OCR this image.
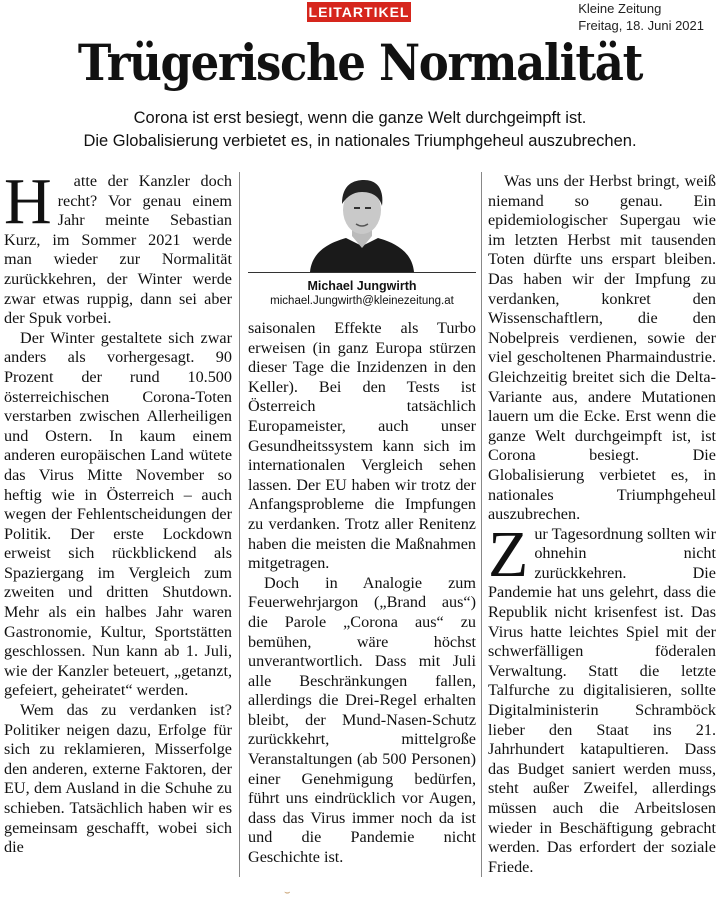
LEITARTIKEL	Kleine Zeitung
Freitag, 18. Juni 2021
Trügerische Normalität
Corona ist erst besiegt, wenn die ganze Welt durchgeimpft ist.
Die Globalisierung verbietet es, in nationales Triumphgeheul auszubrechen.

H	atte der Kanzler doch recht? Vor genau einem Jahr meinte Sebastian Kurz, im Sommer 2021 werde man wieder zur Normalität zurückkehren, der Winter werde zwar etwas ruppig, dann sei aber der Spuk vorbei.

Der Winter gestaltete sich zwar anders als vorhergesagt. 90 Prozent der rund 10.500 österreichischen Corona-Toten verstarben zwischen Allerheiligen und Ostern. In kaum einem anderen europäischen Land wütete das Virus Mitte November so heftig wie in Österreich – auch wegen der Fehlentscheidungen der Politik. Der erste Lockdown erweist sich rückblickend als Spaziergang im Vergleich zum zweiten und dritten Shutdown. Mehr als ein halbes Jahr waren Gastronomie, Kultur, Sportstätten geschlossen. Nun kann ab 1. Juli, wie der Kanzler beteuert, „getanzt, gefeiert, geheiratet“ werden.

Wem das zu verdanken ist? Politiker neigen dazu, Erfolge für sich zu reklamieren, Misserfolge den anderen, externe Faktoren, der EU, dem Ausland in die Schuhe zu schieben. Tatsächlich haben wir es gemeinsam geschafft, wobei sich die

Michael Jungwirth
michael.Jungwirth@kleinezeitung.at

saisonalen Effekte als Turbo erweisen (in ganz Europa stürzen dieser Tage die Inzidenzen in den Keller). Bei den Tests ist Österreich tatsächlich Europameister, auch unser Gesundheitssystem kann sich im internationalen Vergleich sehen lassen. Der EU haben wir trotz der Anfangsprobleme die Impfungen zu verdanken. Trotz aller Renitenz haben die meisten die Maßnahmen mitgetragen.

Doch in Analogie zum Feuerwehrjargon („Brand aus“) die Parole „Corona aus“ zu bemühen, wäre höchst unverantwortlich. Dass mit Juli alle Beschränkungen fallen, allerdings die Drei-Regel erhalten bleibt, der Mund-Nasen-Schutz zurückkehrt, mittelgroße Veranstaltungen (ab 500 Personen) einer Genehmigung bedürfen, führt uns eindrücklich vor Augen, dass das Virus immer noch da ist und die Pandemie nicht Geschichte ist.

Was uns der Herbst bringt, weiß niemand so genau. Ein epidemiologischer Supergau wie im letzten Herbst mit tausenden Toten dürfte uns erspart bleiben. Das haben wir der Impfung zu verdanken, konkret den Wissenschaftlern, die den Nobelpreis verdienen, sowie der viel gescholtenen Pharmaindustrie. Gleichzeitig breitet sich die Delta-Variante aus, andere Mutationen lauern um die Ecke. Erst wenn die ganze Welt durchgeimpft ist, ist Corona besiegt. Die Globalisierung verbietet es, in nationales Triumphgeheul auszubrechen.

Zur Tagesordnung sollten wir ohnehin nicht zurückkehren. Die Pandemie hat uns gelehrt, dass die Republik nicht krisenfest ist. Das Virus hatte leichtes Spiel mit der schwerfälligen föderalen Verwaltung. Statt die letzte Talfurche zu digitalisieren, sollte Digitalministerin Schramböck lieber den Staat ins 21. Jahrhundert katapultieren. Dass das Budget saniert werden muss, steht außer Zweifel, allerdings müssen auch die Arbeitslosen wieder in Beschäftigung gebracht werden. Das erfordert der soziale Friede.

⌣
